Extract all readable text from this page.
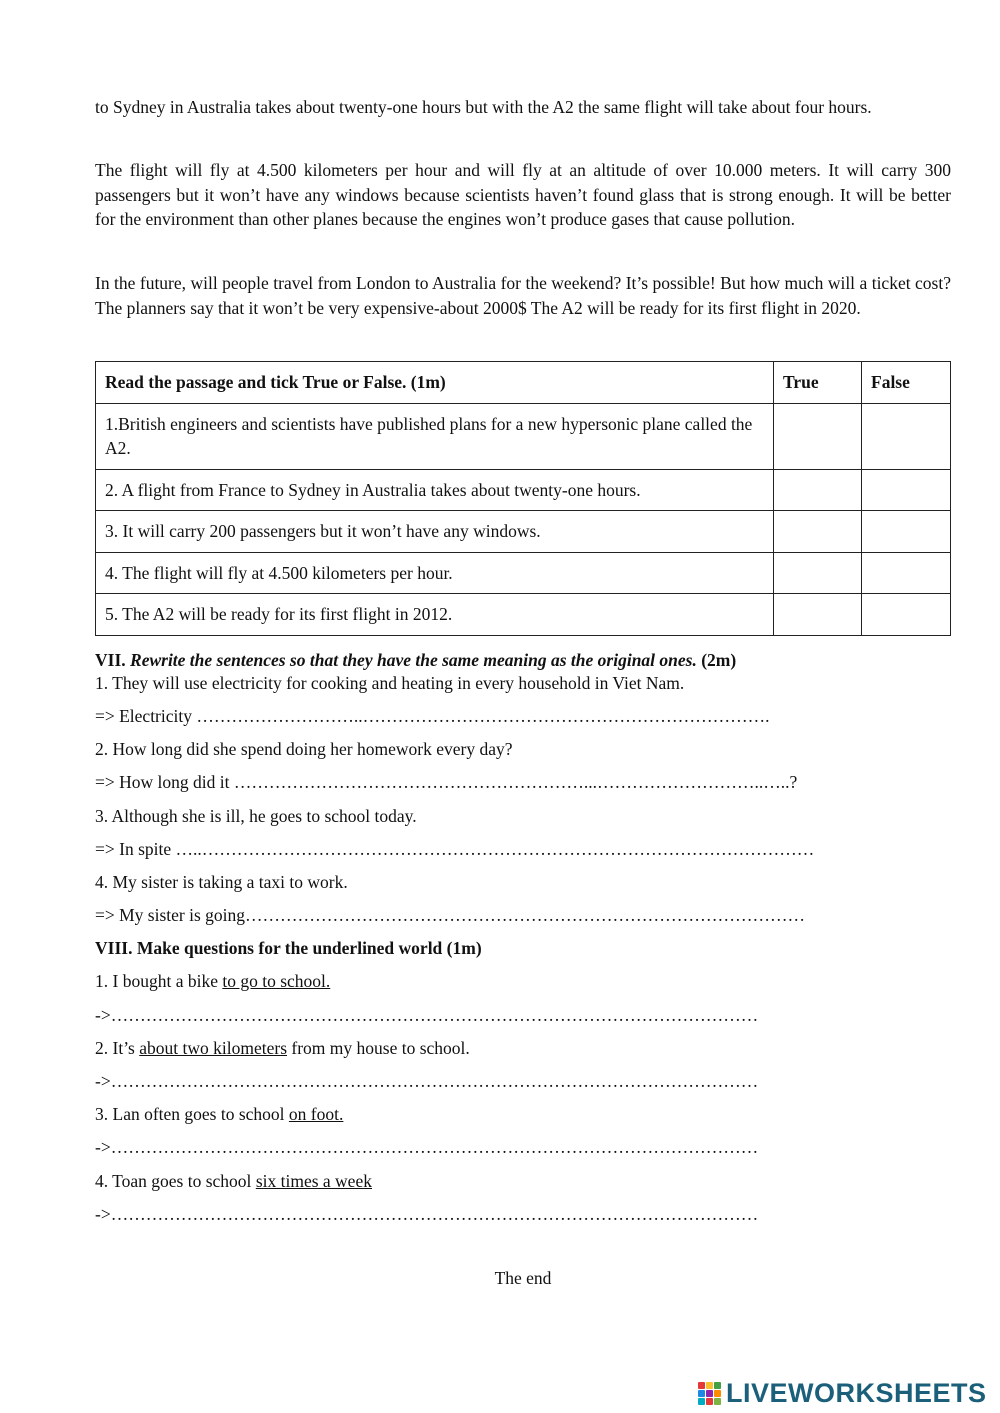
to Sydney in Australia takes about twenty-one hours but with the A2 the same flight will take about four hours.

The flight will fly at 4.500 kilometers per hour and will fly at an altitude of over 10.000 meters. It will carry 300 passengers but it won’t have any windows because scientists haven’t found glass that is strong enough. It will be better for the environment than other planes because the engines won’t produce gases that cause pollution.

In the future, will people travel from London to Australia for the weekend? It’s possible! But how much will a ticket cost? The planners say that it won’t be very expensive-about 2000$ The A2 will be ready for its first flight in 2020.

Read the passage and tick True or False. (1m)	True	False
1.British engineers and scientists have published plans for a new hypersonic plane called the A2.		
2. A flight from France to Sydney in Australia takes about twenty-one hours.		
3. It will carry 200 passengers but it won’t have any windows.		
4. The flight will fly at 4.500 kilometers per hour.		
5. The A2 will be ready for its first flight in 2012.		
VII. Rewrite the sentences so that they have the same meaning as the original ones. (2m)
1. They will use electricity for cooking and heating in every household in Viet Nam.
=> Electricity ………………………..…………………………………………………………….
2. How long did she spend doing her homework every day?
=> How long did it ……………………………………………………...………………………..…..?
3. Although she is ill, he goes to school today.
=> In spite …..……………………………………………………………………………………………
4. My sister is taking a taxi to work.
=> My sister is going……………………………………………………………………………………
VIII. Make questions for the underlined world (1m)
1. I bought a bike to go to school.
->…………………………………………………………………………………………………
2. It’s about two kilometers from my house to school.
->…………………………………………………………………………………………………
3. Lan often goes to school on foot.
->…………………………………………………………………………………………………
4. Toan goes to school six times a week
->…………………………………………………………………………………………………
The end
LIVEWORKSHEETS
